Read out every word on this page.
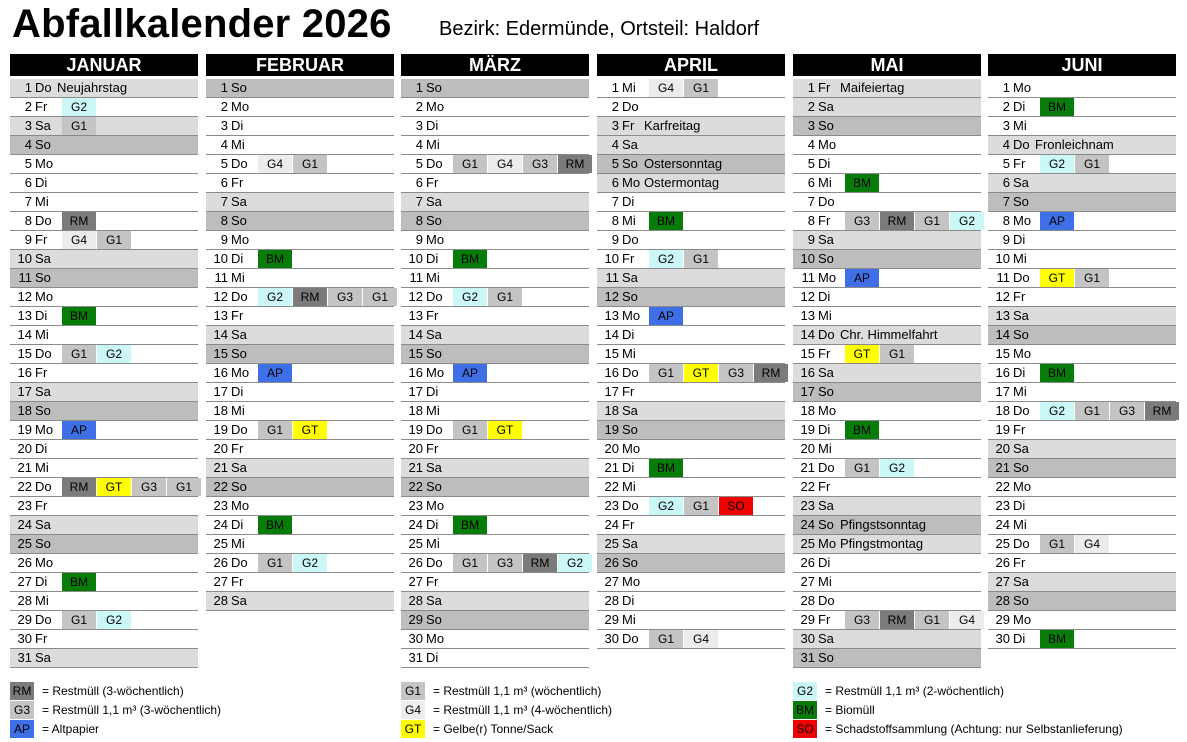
Abfallkalender 2026 Bezirk: Edermünde, Ortsteil: Haldorf
JANUAR
1 Do Neujahrstag
2 Fr	G2
3 Sa	G1
4 So
5 Mo
6 Di
7 Mi
8 Do	RM
9 Fr	G4	G1
10 Sa
11 So
12 Mo
13 Di	BM
14 Mi
15 Do	G1	G2
16 Fr
17 Sa
18 So
19 Mo	AP
20 Di
21 Mi
22 Do	RM	GT	G3	G1
23 Fr
24 Sa
25 So
26 Mo
27 Di	BM
28 Mi
29 Do	G1	G2
30 Fr
31 Sa
FEBRUAR
1 So
2 Mo
3 Di
4 Mi
5 Do	G4	G1
6 Fr
7 Sa
8 So
9 Mo
10 Di	BM
11 Mi
12 Do	G2	RM	G3	G1
13 Fr
14 Sa
15 So
16 Mo	AP
17 Di
18 Mi
19 Do	G1	GT
20 Fr
21 Sa
22 So
23 Mo
24 Di	BM
25 Mi
26 Do	G1	G2
27 Fr
28 Sa
MÄRZ
1 So
2 Mo
3 Di
4 Mi
5 Do	G1	G4	G3	RM
6 Fr
7 Sa
8 So
9 Mo
10 Di	BM
11 Mi
12 Do	G2	G1
13 Fr
14 Sa
15 So
16 Mo	AP
17 Di
18 Mi
19 Do	G1	GT
20 Fr
21 Sa
22 So
23 Mo
24 Di	BM
25 Mi
26 Do	G1	G3	RM	G2
27 Fr
28 Sa
29 So
30 Mo
31 Di
APRIL
1 Mi	G4	G1
2 Do
3 Fr Karfreitag
4 Sa
5 So Ostersonntag
6 Mo Ostermontag
7 Di
8 Mi	BM
9 Do
10 Fr	G2	G1
11 Sa
12 So
13 Mo	AP
14 Di
15 Mi
16 Do	G1	GT	G3	RM
17 Fr
18 Sa
19 So
20 Mo
21 Di	BM
22 Mi
23 Do	G2	G1	SO
24 Fr
25 Sa
26 So
27 Mo
28 Di
29 Mi
30 Do	G1	G4
MAI
1 Fr Maifeiertag
2 Sa
3 So
4 Mo
5 Di
6 Mi	BM
7 Do
8 Fr	G3	RM	G1	G2
9 Sa
10 So
11 Mo	AP
12 Di
13 Mi
14 Do Chr. Himmelfahrt
15 Fr	GT	G1
16 Sa
17 So
18 Mo
19 Di	BM
20 Mi
21 Do	G1	G2
22 Fr
23 Sa
24 So Pfingstsonntag
25 Mo Pfingstmontag
26 Di
27 Mi
28 Do
29 Fr	G3	RM	G1	G4
30 Sa
31 So
JUNI
1 Mo
2 Di	BM
3 Mi
4 Do Fronleichnam
5 Fr	G2	G1
6 Sa
7 So
8 Mo	AP
9 Di
10 Mi
11 Do	GT	G1
12 Fr
13 Sa
14 So
15 Mo
16 Di	BM
17 Mi
18 Do	G2	G1	G3	RM
19 Fr
20 Sa
21 So
22 Mo
23 Di
24 Mi
25 Do	G1	G4
26 Fr
27 Sa
28 So
29 Mo
30 Di	BM
RM = Restmüll (3-wöchentlich)
G3	= Restmüll 1,1 m³ (3-wöchentlich)
AP	= Altpapier
G1	= Restmüll 1,1 m³ (wöchentlich)
G4	= Restmüll 1,1 m³ (4-wöchentlich)
GT = Gelbe(r) Tonne/Sack
G2	= Restmüll 1,1 m³ (2-wöchentlich)
BM = Biomüll
SO = Schadstoffsammlung (Achtung: nur Selbstanlieferung)
